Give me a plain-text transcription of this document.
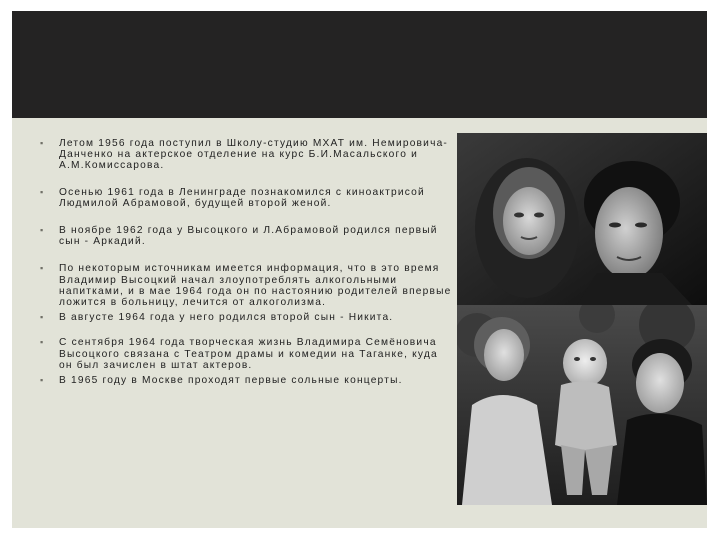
▪ Летом 1956 года поступил в Школу-студию МХАТ им. Немировича-Данченко на актерское отделение на курс Б.И.Масальского и А.М.Комиссарова.
▪ Осенью 1961 года в Ленинграде познакомился с киноактрисой Людмилой Абрамовой, будущей второй женой.
▪ В ноябре 1962 года у Высоцкого и Л.Абрамовой родился первый сын - Аркадий.
▪ По некоторым источникам имеется информация, что в это время Владимир Высоцкий начал злоупотреблять алкогольными напитками, и в мае 1964 года он по настоянию родителей впервые ложится в больницу, лечится от алкоголизма.
▪ В августе 1964 года у него родился второй сын - Никита.
▪ С сентября 1964 года творческая жизнь Владимира Семёновича Высоцкого связана с Театром драмы и комедии на Таганке, куда он был зачислен в штат актеров.
▪ В 1965 году в Москве проходят первые сольные концерты.
